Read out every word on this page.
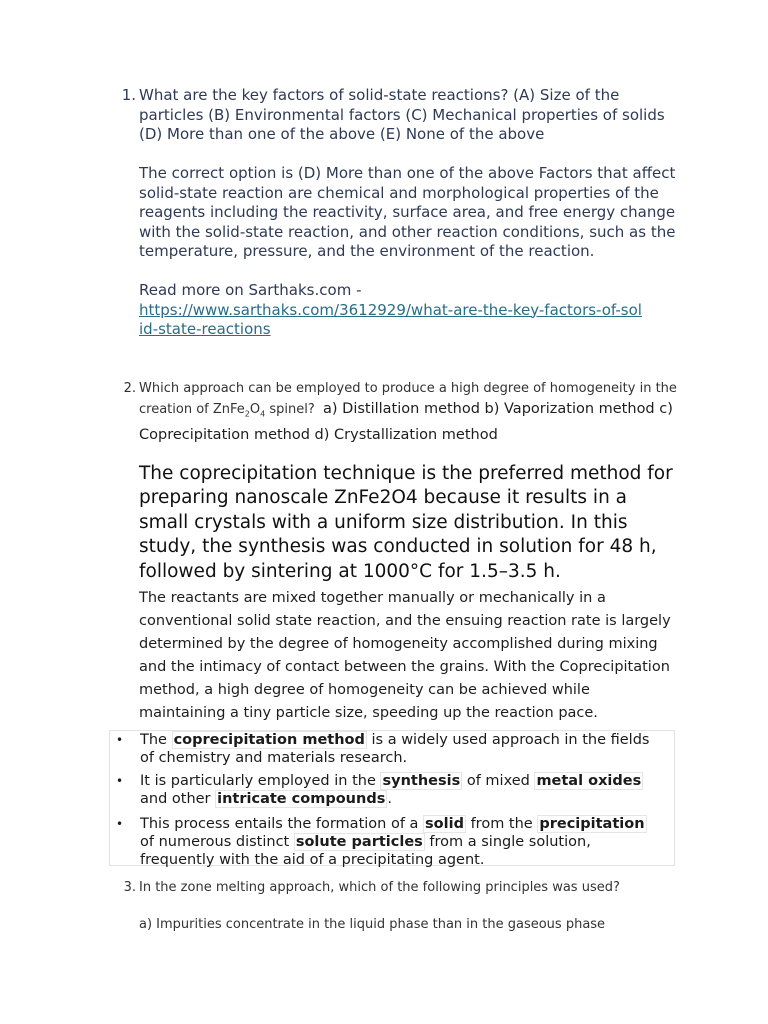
1. What are the key factors of solid-state reactions? (A) Size of the particles (B) Environmental factors (C) Mechanical properties of solids (D) More than one of the above (E) None of the above
The correct option is (D) More than one of the above Factors that affect solid-state reaction are chemical and morphological properties of the reagents including the reactivity, surface area, and free energy change with the solid-state reaction, and other reaction conditions, such as the temperature, pressure, and the environment of the reaction.
Read more on Sarthaks.com -
https://www.sarthaks.com/3612929/what-are-the-key-factors-of-solid-state-reactions
2. Which approach can be employed to produce a high degree of homogeneity in the creation of $ZnFe_2O_4$ spinel? a) Distillation method b) Vaporization method c) Coprecipitation method d) Crystallization method
The coprecipitation technique is the preferred method for preparing nanoscale ZnFe2O4 because it results in a small crystals with a uniform size distribution. In this study, the synthesis was conducted in solution for 48 h, followed by sintering at 1000°C for 1.5–3.5 h.
The reactants are mixed together manually or mechanically in a conventional solid state reaction, and the ensuing reaction rate is largely determined by the degree of homogeneity accomplished during mixing and the intimacy of contact between the grains. With the Coprecipitation method, a high degree of homogeneity can be achieved while maintaining a tiny particle size, speeding up the reaction pace.
• The coprecipitation method is a widely used approach in the fields of chemistry and materials research.
• It is particularly employed in the synthesis of mixed metal oxides and other intricate compounds .
• This process entails the formation of a solid from the precipitation of numerous distinct solute particles from a single solution, frequently with the aid of a precipitating agent.
3. In the zone melting approach, which of the following principles was used?
a) Impurities concentrate in the liquid phase than in the gaseous phase
